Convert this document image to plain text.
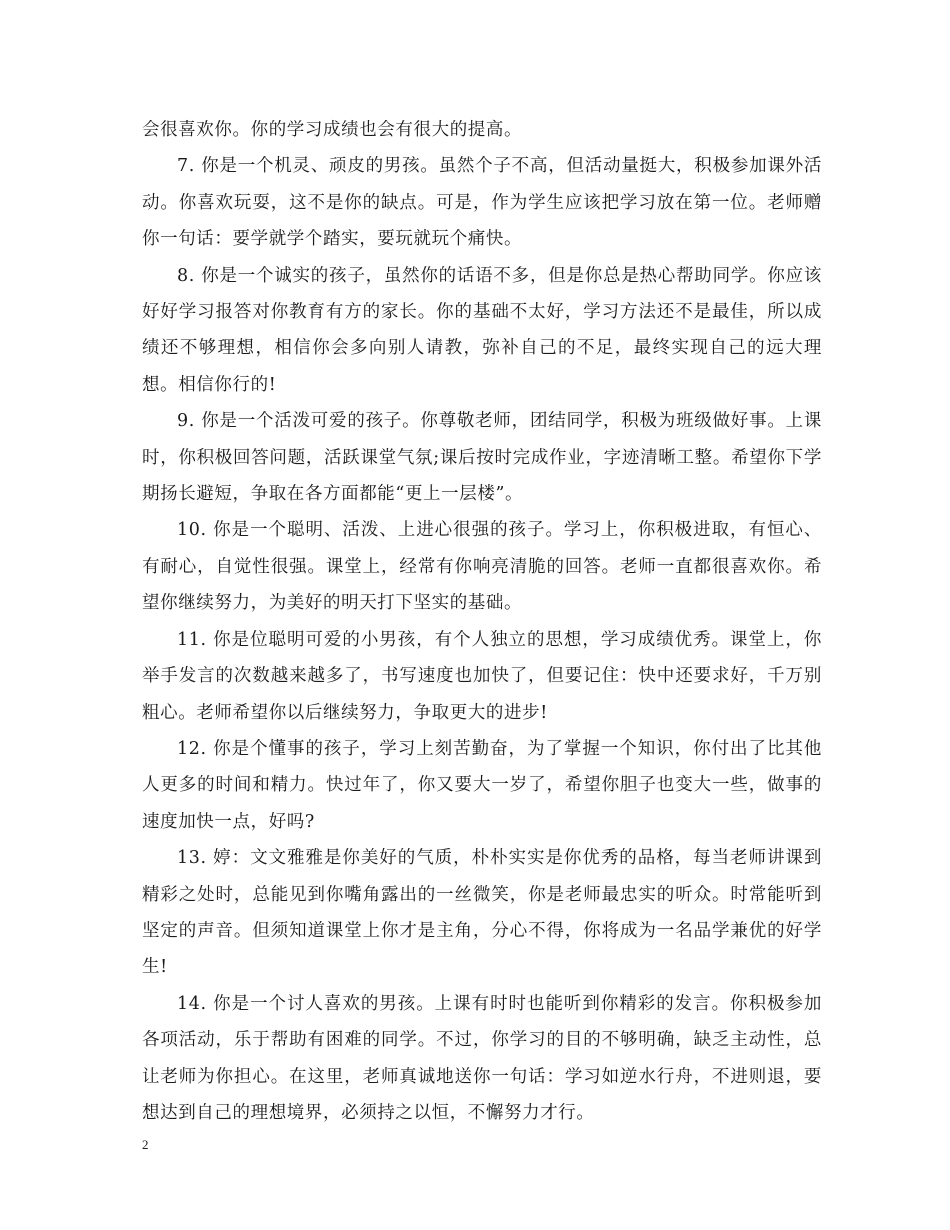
会很喜欢你。你的学习成绩也会有很大的提高。

7. 你是一个机灵、顽皮的男孩。虽然个子不高，但活动量挺大，积极参加课外活动。你喜欢玩耍，这不是你的缺点。可是，作为学生应该把学习放在第一位。老师赠你一句话：要学就学个踏实，要玩就玩个痛快。

8. 你是一个诚实的孩子，虽然你的话语不多，但是你总是热心帮助同学。你应该好好学习报答对你教育有方的家长。你的基础不太好，学习方法还不是最佳，所以成绩还不够理想，相信你会多向别人请教，弥补自己的不足，最终实现自己的远大理想。相信你行的!

9. 你是一个活泼可爱的孩子。你尊敬老师，团结同学，积极为班级做好事。上课时，你积极回答问题，活跃课堂气氛;课后按时完成作业，字迹清晰工整。希望你下学期扬长避短，争取在各方面都能“更上一层楼”。

10. 你是一个聪明、活泼、上进心很强的孩子。学习上，你积极进取，有恒心、有耐心，自觉性很强。课堂上，经常有你响亮清脆的回答。老师一直都很喜欢你。希望你继续努力，为美好的明天打下坚实的基础。

11. 你是位聪明可爱的小男孩，有个人独立的思想，学习成绩优秀。课堂上，你举手发言的次数越来越多了，书写速度也加快了，但要记住：快中还要求好，千万别粗心。老师希望你以后继续努力，争取更大的进步!

12. 你是个懂事的孩子，学习上刻苦勤奋，为了掌握一个知识，你付出了比其他人更多的时间和精力。快过年了，你又要大一岁了，希望你胆子也变大一些，做事的速度加快一点，好吗?

13. 婷：文文雅雅是你美好的气质，朴朴实实是你优秀的品格，每当老师讲课到精彩之处时，总能见到你嘴角露出的一丝微笑，你是老师最忠实的听众。时常能听到坚定的声音。但须知道课堂上你才是主角，分心不得，你将成为一名品学兼优的好学生!

14. 你是一个讨人喜欢的男孩。上课有时时也能听到你精彩的发言。你积极参加各项活动，乐于帮助有困难的同学。不过，你学习的目的不够明确，缺乏主动性，总让老师为你担心。在这里，老师真诚地送你一句话：学习如逆水行舟，不进则退，要想达到自己的理想境界，必须持之以恒，不懈努力才行。

2
